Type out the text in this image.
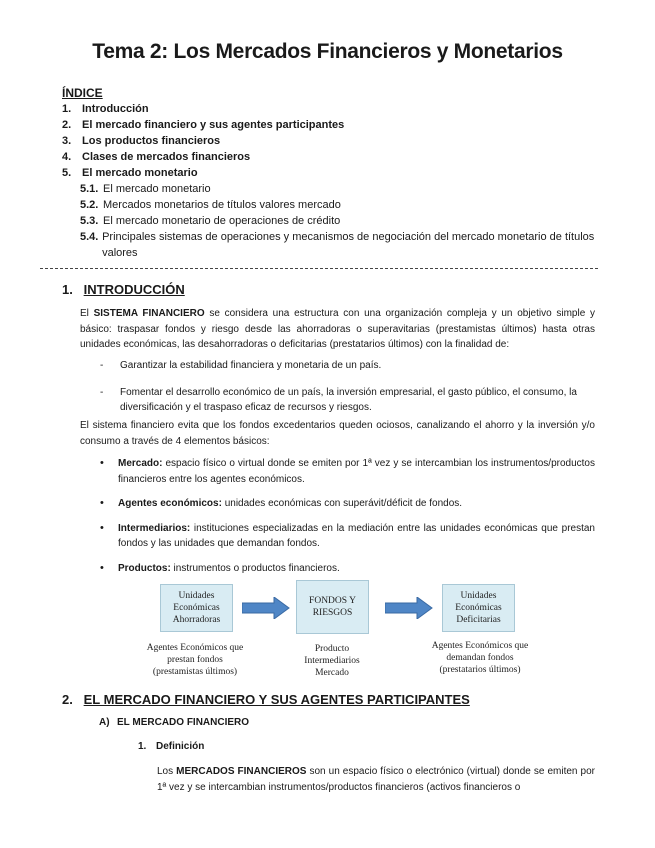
Tema 2: Los Mercados Financieros y Monetarios
ÍNDICE
1. Introducción
2. El mercado financiero y sus agentes participantes
3. Los productos financieros
4. Clases de mercados financieros
5. El mercado monetario
5.1. El mercado monetario
5.2. Mercados monetarios de títulos valores mercado
5.3. El mercado monetario de operaciones de crédito
5.4. Principales sistemas de operaciones y mecanismos de negociación del mercado monetario de títulos valores
1. INTRODUCCIÓN
El SISTEMA FINANCIERO se considera una estructura con una organización compleja y un objetivo simple y básico: traspasar fondos y riesgo desde las ahorradoras o superavitarias (prestamistas últimos) hasta otras unidades económicas, las desahorradoras o deficitarias (prestatarios últimos) con la finalidad de:
-	Garantizar la estabilidad financiera y monetaria de un país.
-	Fomentar el desarrollo económico de un país, la inversión empresarial, el gasto público, el consumo, la diversificación y el traspaso eficaz de recursos y riesgos.
El sistema financiero evita que los fondos excedentarios queden ociosos, canalizando el ahorro y la inversión y/o consumo a través de 4 elementos básicos:
•	Mercado: espacio físico o virtual donde se emiten por 1ª vez y se intercambian los instrumentos/productos financieros entre los agentes económicos.
•	Agentes económicos: unidades económicas con superávit/déficit de fondos.
•	Intermediarios: instituciones especializadas en la mediación entre las unidades económicas que prestan fondos y las unidades que demandan fondos.
•	Productos: instrumentos o productos financieros.
Unidades
Económicas
Ahorradoras
FONDOS Y
RIESGOS
Unidades
Económicas
Deficitarias
Agentes Económicos que
prestan fondos
(prestamistas últimos)
Producto
Intermediarios
Mercado
Agentes Económicos que
demandan fondos
(prestatarios últimos)
2. EL MERCADO FINANCIERO Y SUS AGENTES PARTICIPANTES
A) EL MERCADO FINANCIERO
1. Definición
Los MERCADOS FINANCIEROS son un espacio físico o electrónico (virtual) donde se emiten por 1ª vez y se intercambian instrumentos/productos financieros (activos financieros o
